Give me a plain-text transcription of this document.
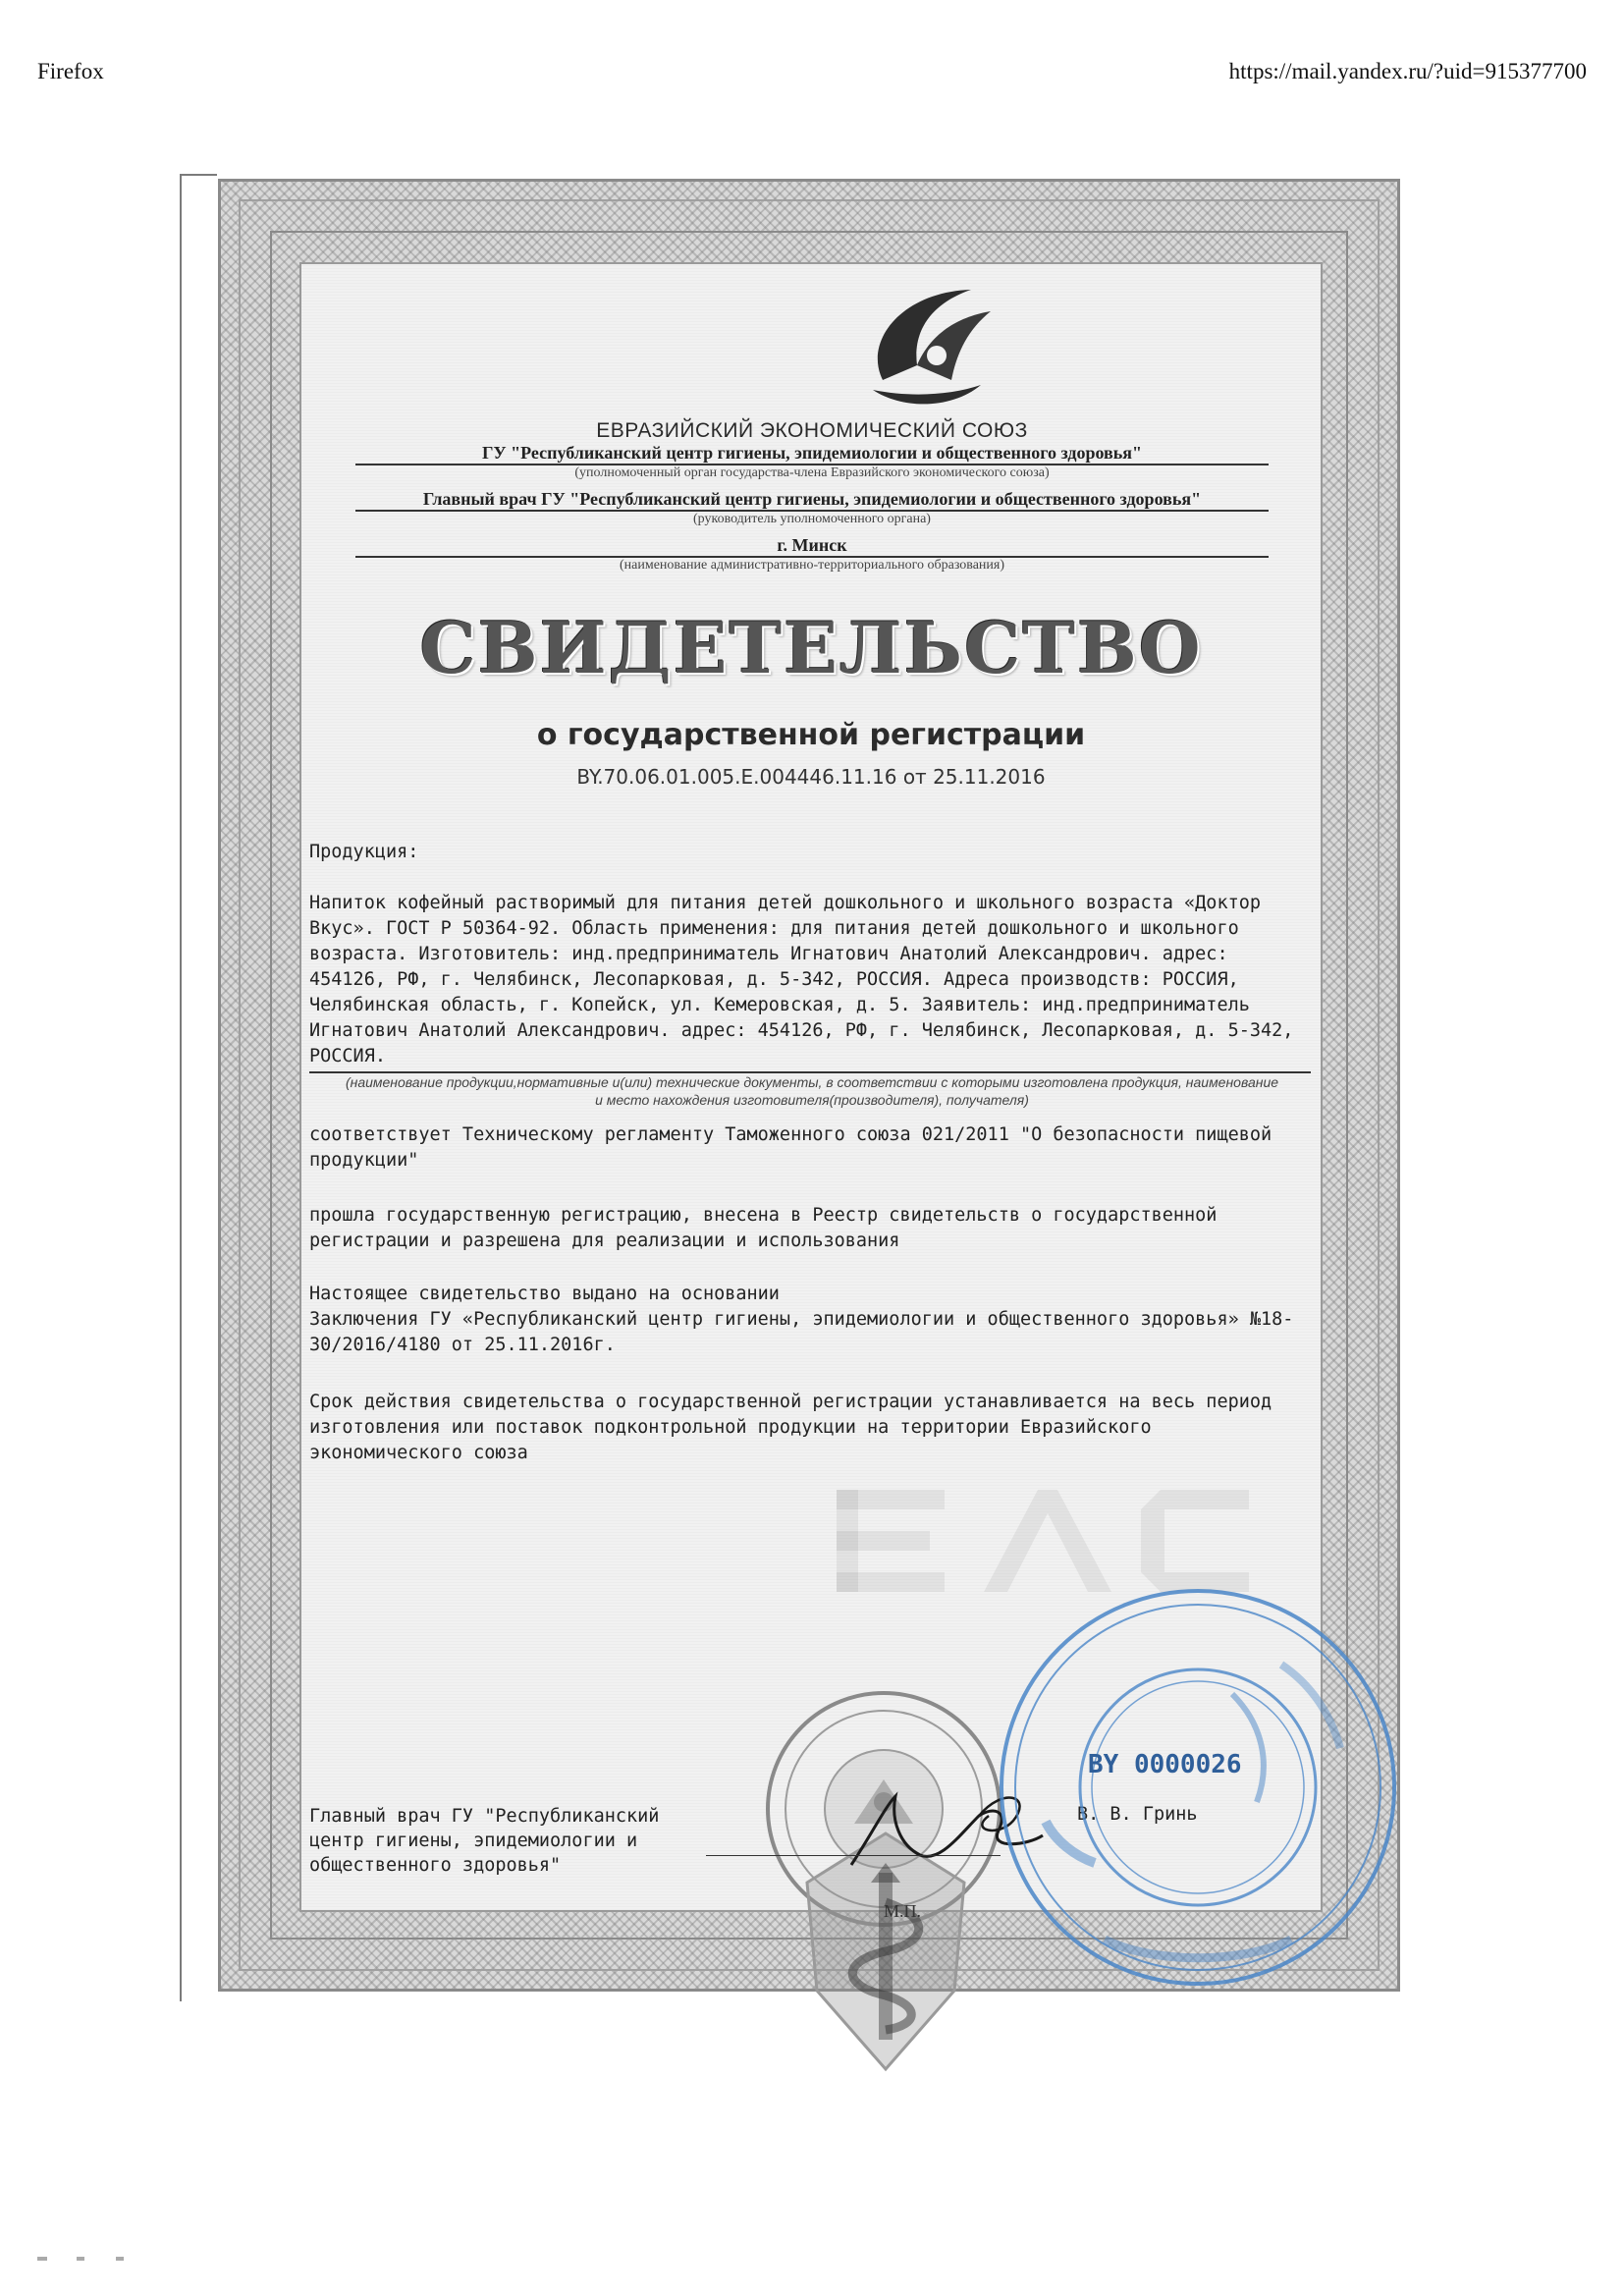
Firefox	https://mail.yandex.ru/?uid=915377700
ЕВРАЗИЙСКИЙ ЭКОНОМИЧЕСКИЙ СОЮЗ
ГУ "Республиканский центр гигиены, эпидемиологии и общественного здоровья"
(уполномоченный орган государства-члена Евразийского экономического союза)
Главный врач ГУ "Республиканский центр гигиены, эпидемиологии и общественного здоровья"
(руководитель уполномоченного органа)
г. Минск
(наименование административно-территориального образования)
СВИДЕТЕЛЬСТВО
о государственной регистрации
BY.70.06.01.005.E.004446.11.16 от 25.11.2016

Продукция:

Напиток кофейный растворимый для питания детей дошкольного и школьного возраста «Доктор Вкус». ГОСТ Р 50364-92. Область применения: для питания детей дошкольного и школьного возраста. Изготовитель: инд.предприниматель Игнатович Анатолий Александрович. адрес: 454126, РФ, г. Челябинск, Лесопарковая, д. 5-342, РОССИЯ. Адреса производств: РОССИЯ, Челябинская область, г. Копейск, ул. Кемеровская, д. 5. Заявитель: инд.предприниматель Игнатович Анатолий Александрович. адрес: 454126, РФ, г. Челябинск, Лесопарковая, д. 5-342, РОССИЯ.

(наименование продукции,нормативные и(или) технические документы, в соответствии с которыми изготовлена продукция, наименование и место нахождения изготовителя(производителя), получателя)
соответствует Техническому регламенту Таможенного союза 021/2011 "О безопасности пищевой продукции"
прошла государственную регистрацию, внесена в Реестр свидетельств о государственной регистрации и разрешена для реализации и использования
Настоящее свидетельство выдано на основании
Заключения ГУ «Республиканский центр гигиены, эпидемиологии и общественного здоровья» №18-30/2016/4180 от 25.11.2016г.
Срок действия свидетельства о государственной регистрации устанавливается на весь период изготовления или поставок подконтрольной продукции на территории Евразийского экономического союза
Главный врач ГУ "Республиканский центр гигиены, эпидемиологии и общественного здоровья"
В. В. Гринь
М.П.
BY 0000026
